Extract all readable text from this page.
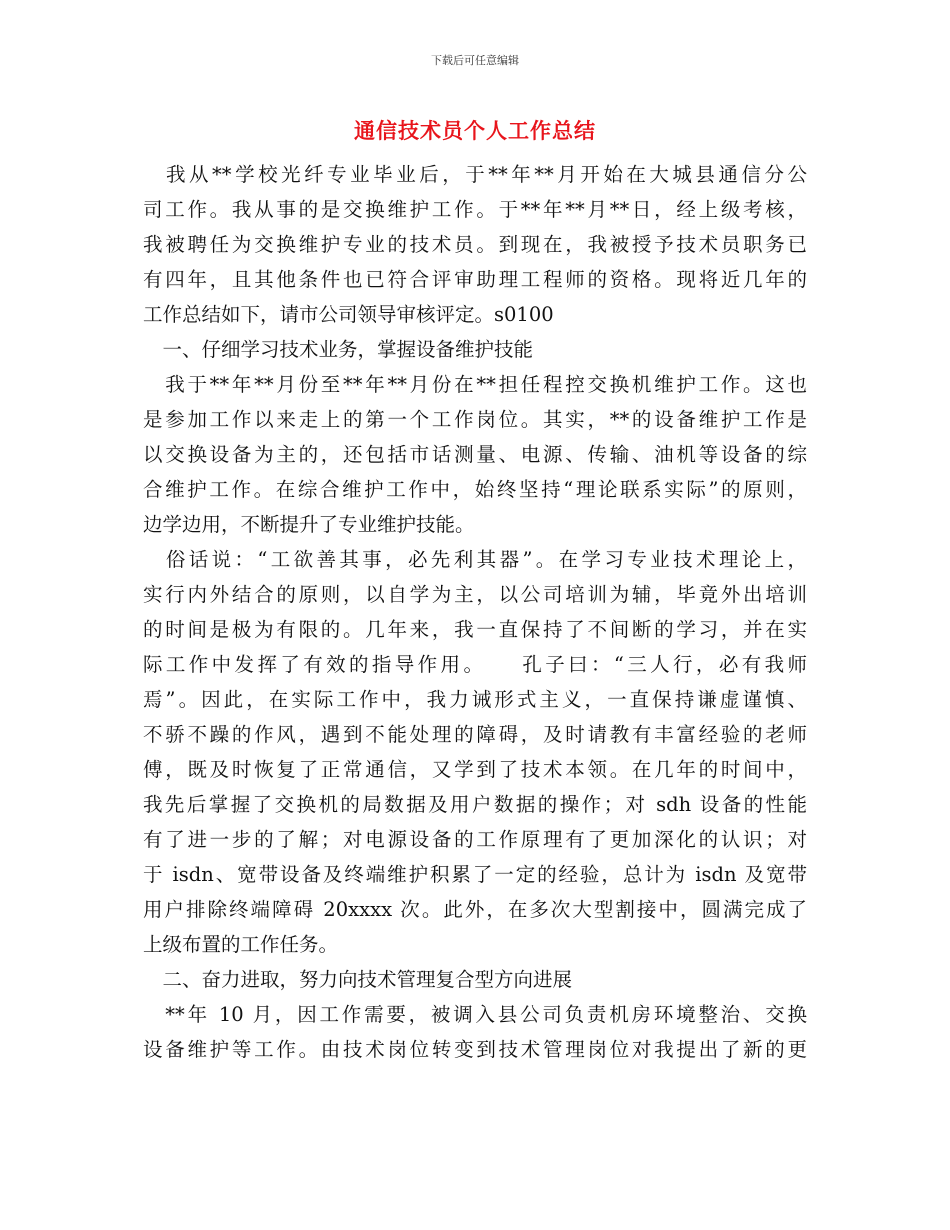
下载后可任意编辑
通信技术员个人工作总结
　我从**学校光纤专业毕业后，于**年**月开始在大城县通信分公
司工作。我从事的是交换维护工作。于**年**月**日，经上级考核，
我被聘任为交换维护专业的技术员。到现在，我被授予技术员职务已
有四年，且其他条件也已符合评审助理工程师的资格。现将近几年的
工作总结如下，请市公司领导审核评定。s0100
　一、仔细学习技术业务，掌握设备维护技能
　我于**年**月份至**年**月份在**担任程控交换机维护工作。这也
是参加工作以来走上的第一个工作岗位。其实，**的设备维护工作是
以交换设备为主的，还包括市话测量、电源、传输、油机等设备的综
合维护工作。在综合维护工作中，始终坚持“理论联系实际”的原则，
边学边用，不断提升了专业维护技能。
　俗话说：“工欲善其事，必先利其器”。在学习专业技术理论上，
实行内外结合的原则，以自学为主，以公司培训为辅，毕竟外出培训
的时间是极为有限的。几年来，我一直保持了不间断的学习，并在实
际工作中发挥了有效的指导作用。　　孔子曰：“三人行，必有我师
焉”。因此，在实际工作中，我力诫形式主义，一直保持谦虚谨慎、
不骄不躁的作风，遇到不能处理的障碍，及时请教有丰富经验的老师
傅，既及时恢复了正常通信，又学到了技术本领。在几年的时间中，
我先后掌握了交换机的局数据及用户数据的操作；对 sdh 设备的性能
有了进一步的了解；对电源设备的工作原理有了更加深化的认识；对
于 isdn、宽带设备及终端维护积累了一定的经验，总计为 isdn 及宽带
用户排除终端障碍 20xxxx 次。此外，在多次大型割接中，圆满完成了
上级布置的工作任务。
　二、奋力进取，努力向技术管理复合型方向进展
　**年 10 月，因工作需要，被调入县公司负责机房环境整治、交换
设备维护等工作。由技术岗位转变到技术管理岗位对我提出了新的更
